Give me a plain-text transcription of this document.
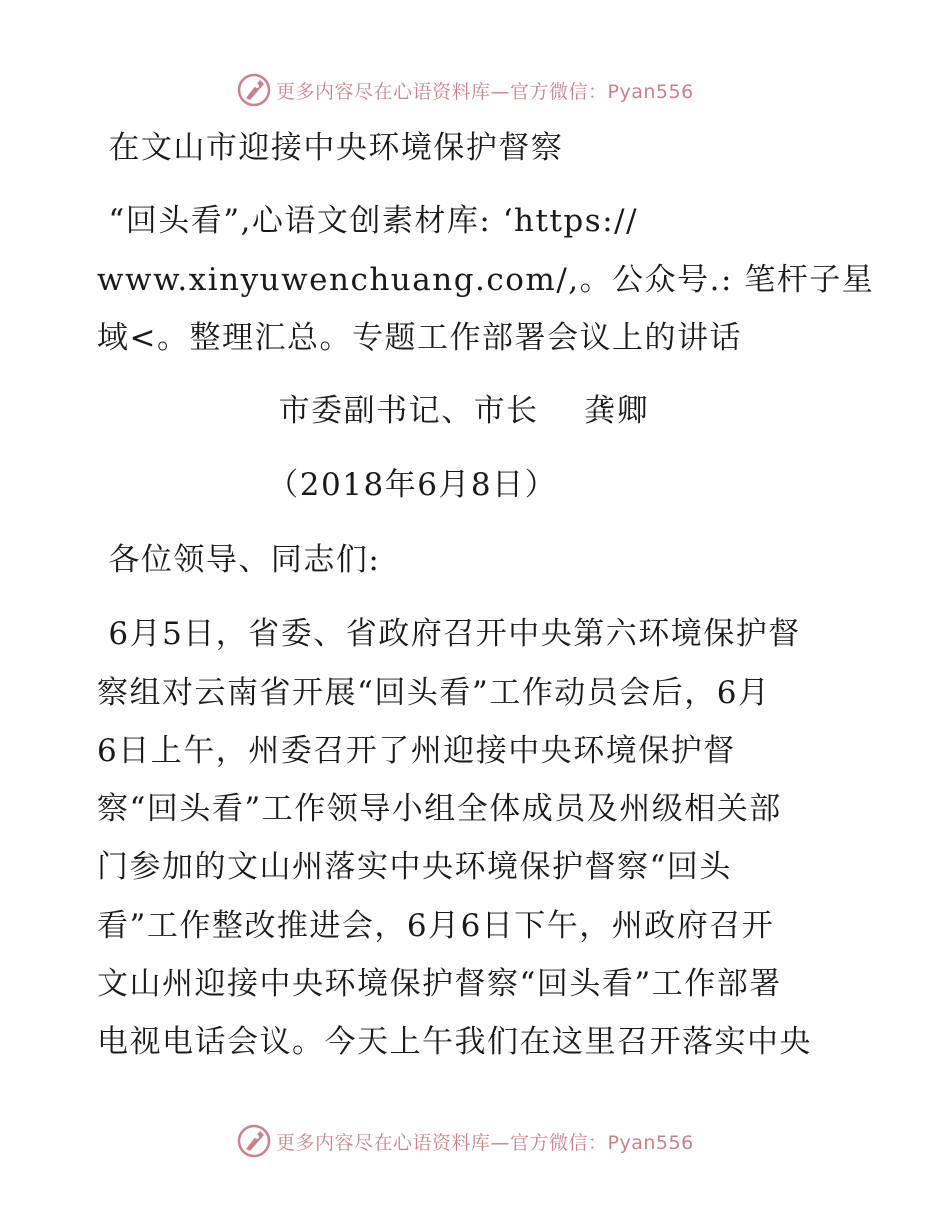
更多内容尽在心语资料库—官方微信：Pyan556
在文山市迎接中央环境保护督察
“回头看”,心语文创素材库: ‘https://
www.xinyuwenchuang.com/,。公众号.: 笔杆子星
域<。整理汇总。专题工作部署会议上的讲话
市委副书记、市长    龚卿
（2018年6月8日）
各位领导、同志们:
6月5日，省委、省政府召开中央第六环境保护督
察组对云南省开展“回头看”工作动员会后，6月
6日上午，州委召开了州迎接中央环境保护督
察“回头看”工作领导小组全体成员及州级相关部
门参加的文山州落实中央环境保护督察“回头
看”工作整改推进会，6月6日下午，州政府召开
文山州迎接中央环境保护督察“回头看”工作部署
电视电话会议。今天上午我们在这里召开落实中央
更多内容尽在心语资料库—官方微信：Pyan556
